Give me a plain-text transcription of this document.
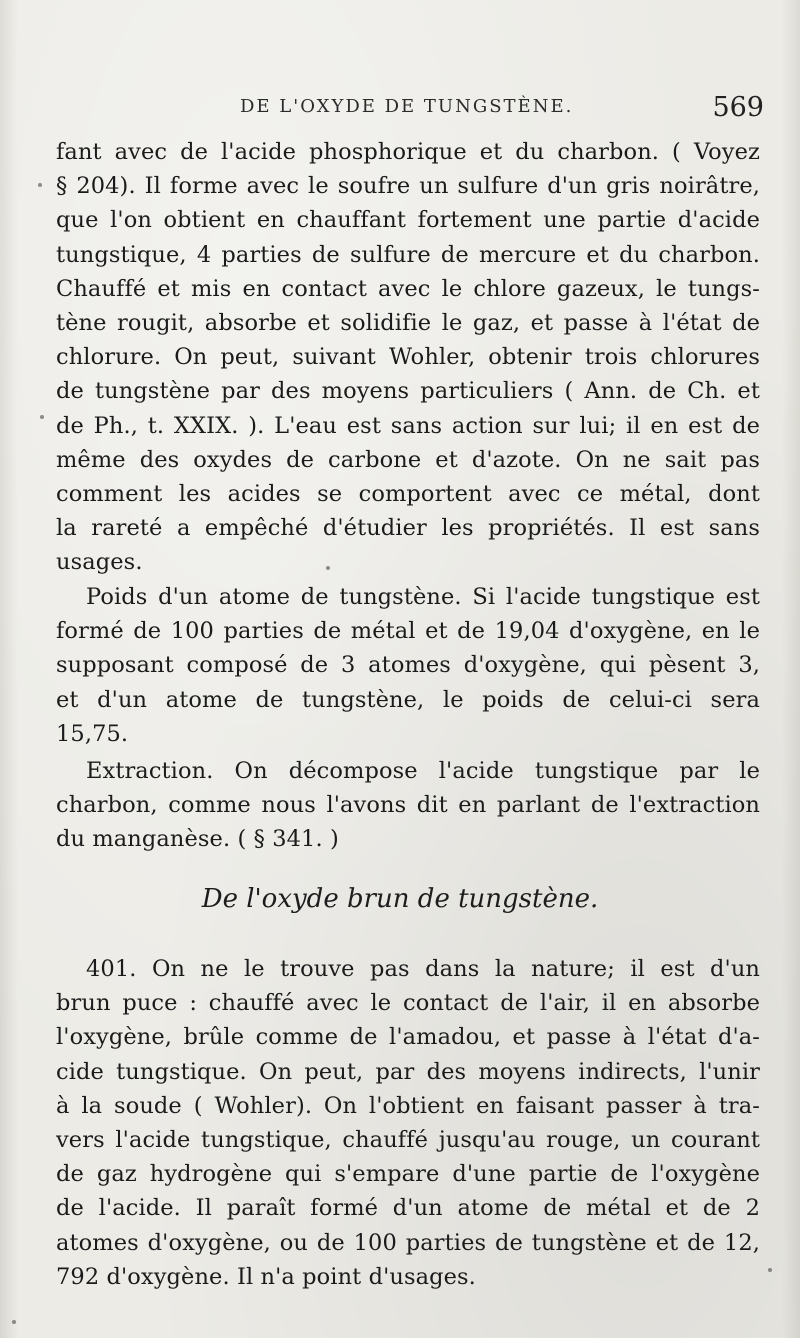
DE L'OXYDE DE TUNGSTÈNE.	569
fant avec de l'acide phosphorique et du charbon. ( Voyez
§ 204). Il forme avec le soufre un sulfure d'un gris noirâtre,
que l'on obtient en chauffant fortement une partie d'acide
tungstique, 4 parties de sulfure de mercure et du charbon.
Chauffé et mis en contact avec le chlore gazeux, le tungs-
tène rougit, absorbe et solidifie le gaz, et passe à l'état de
chlorure. On peut, suivant Wohler, obtenir trois chlorures
de tungstène par des moyens particuliers ( Ann. de Ch. et
de Ph., t. XXIX. ). L'eau est sans action sur lui; il en est de
même des oxydes de carbone et d'azote. On ne sait pas
comment les acides se comportent avec ce métal, dont
la rareté a empêché d'étudier les propriétés. Il est sans
usages.
Poids d'un atome de tungstène. Si l'acide tungstique est
formé de 100 parties de métal et de 19,04 d'oxygène, en le
supposant composé de 3 atomes d'oxygène, qui pèsent 3,
et d'un atome de tungstène, le poids de celui-ci sera
15,75.
Extraction. On décompose l'acide tungstique par le
charbon, comme nous l'avons dit en parlant de l'extraction
du manganèse. ( § 341. )
De l'oxyde brun de tungstène.
401. On ne le trouve pas dans la nature; il est d'un
brun puce : chauffé avec le contact de l'air, il en absorbe
l'oxygène, brûle comme de l'amadou, et passe à l'état d'a-
cide tungstique. On peut, par des moyens indirects, l'unir
à la soude ( Wohler). On l'obtient en faisant passer à tra-
vers l'acide tungstique, chauffé jusqu'au rouge, un courant
de gaz hydrogène qui s'empare d'une partie de l'oxygène
de l'acide. Il paraît formé d'un atome de métal et de 2
atomes d'oxygène, ou de 100 parties de tungstène et de 12,
792 d'oxygène. Il n'a point d'usages.
